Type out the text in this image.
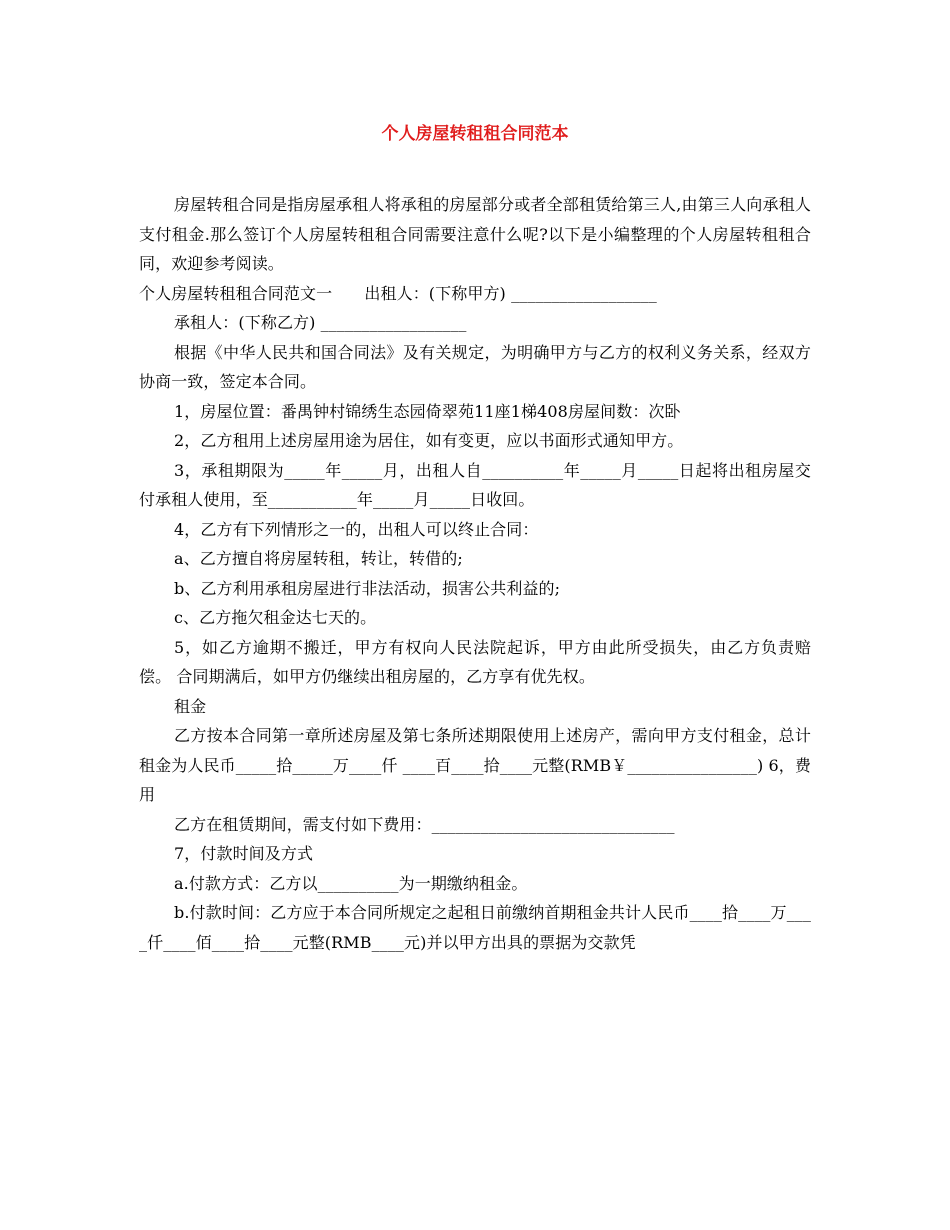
个人房屋转租租合同范本

房屋转租合同是指房屋承租人将承租的房屋部分或者全部租赁给第三人,由第三人向承租人支付租金.那么签订个人房屋转租租合同需要注意什么呢?以下是小编整理的个人房屋转租租合同，欢迎参考阅读。

个人房屋转租租合同范文一　　出租人：(下称甲方) __________________

承租人：(下称乙方) __________________

根据《中华人民共和国合同法》及有关规定，为明确甲方与乙方的权利义务关系，经双方协商一致，签定本合同。

1，房屋位置：番禺钟村锦绣生态园倚翠苑11座1梯408房屋间数：次卧

2，乙方租用上述房屋用途为居住，如有变更，应以书面形式通知甲方。

3，承租期限为_____年_____月，出租人自__________年_____月_____日起将出租房屋交 付承租人使用，至___________年_____月_____日收回。

4，乙方有下列情形之一的，出租人可以终止合同：

a、乙方擅自将房屋转租，转让，转借的;

b、乙方利用承租房屋进行非法活动，损害公共利益的;

c、乙方拖欠租金达七天的。

5，如乙方逾期不搬迁，甲方有权向人民法院起诉，甲方由此所受损失，由乙方负责赔偿。 合同期满后，如甲方仍继续出租房屋的，乙方享有优先权。

租金

乙方按本合同第一章所述房屋及第七条所述期限使用上述房产，需向甲方支付租金，总计租金为人民币_____拾_____万____仟 ____百____拾____元整(RMB￥________________) 6，费用

乙方在租赁期间，需支付如下费用：______________________________

7，付款时间及方式

a.付款方式：乙方以__________为一期缴纳租金。

b.付款时间：乙方应于本合同所规定之起租日前缴纳首期租金共计人民币____拾____万____仟____佰____拾____元整(RMB____元)并以甲方出具的票据为交款凭
